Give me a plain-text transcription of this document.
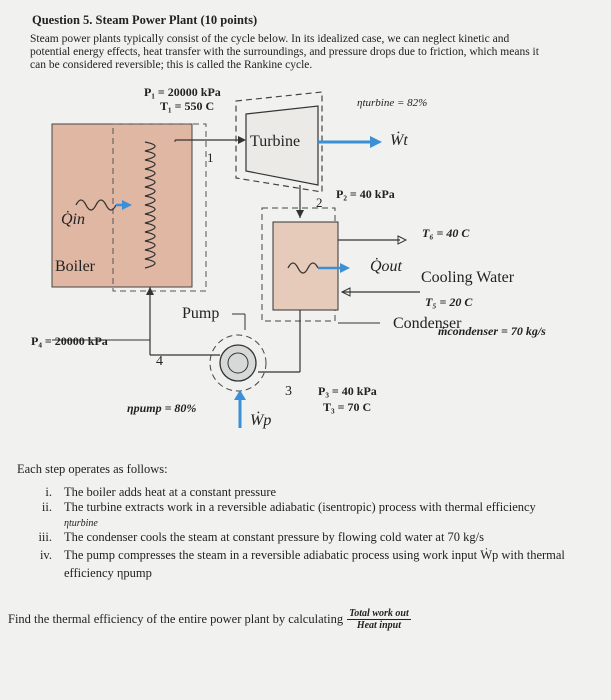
Question 5. Steam Power Plant (10 points)
Steam power plants typically consist of the cycle below. In its idealized case, we can neglect kinetic and
potential energy effects, heat transfer with the surroundings, and pressure drops due to friction, which means it
can be considered reversible; this is called the Rankine cycle.
P₁ = 20000 kPa
T₁ = 550 C	ηturbine = 82%
Turbine	Ẇt
1
2
P₂ = 40 kPa
Q̇in
Boiler
T₆ = 40 C
Q̇out
Cooling Water
T₅ = 20 C
Condenser
ṁcondenser = 70 kg/s
Pump
P₄ = 20000 kPa
4
3
ηpump = 80%
Ẇp
P₃ = 40 kPa
T₃ = 70 C
Each step operates as follows:
i. The boiler adds heat at a constant pressure
ii. The turbine extracts work in a reversible adiabatic (isentropic) process with thermal efficiency
ηturbine
iii. The condenser cools the steam at constant pressure by flowing cold water at 70 kg/s
iv. The pump compresses the steam in a reversible adiabatic process using work input Ẇp with thermal
efficiency ηpump
Find the thermal efficiency of the entire power plant by calculating $\frac{\text{Total work out}}{\text{Heat input}}$
